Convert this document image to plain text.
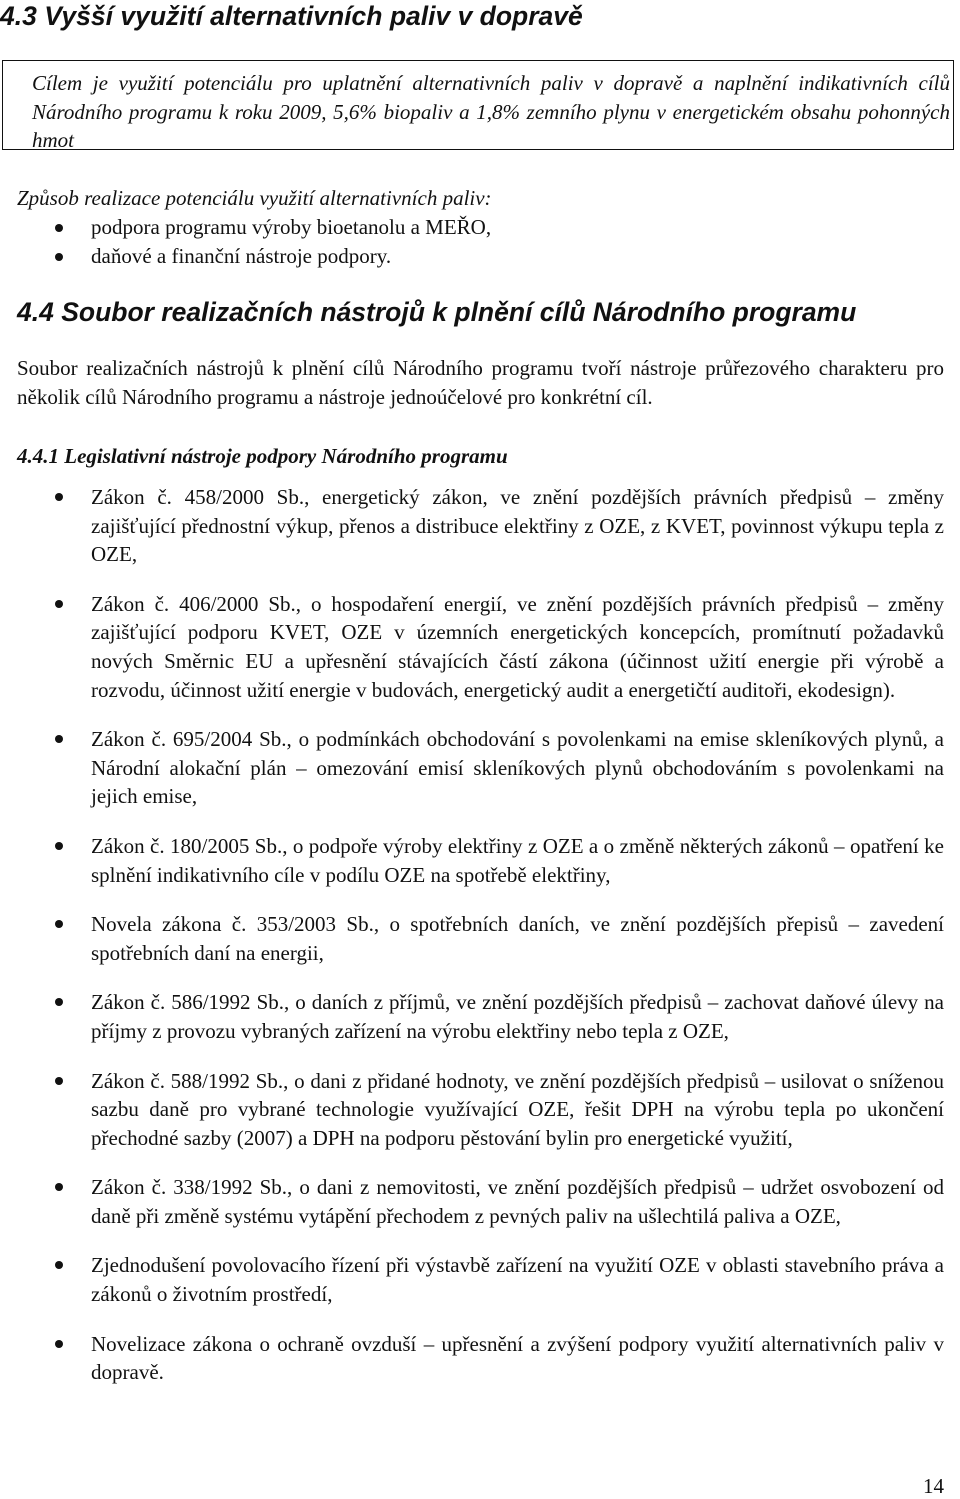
4.3 Vyšší využití alternativních paliv v dopravě

Cílem je využití potenciálu pro uplatnění alternativních paliv v dopravě a naplnění indikativních cílů Národního programu k roku 2009, 5,6% biopaliv a 1,8% zemního plynu v energetickém obsahu pohonných hmot

Způsob realizace potenciálu využití alternativních paliv:

podpora programu výroby bioetanolu a MEŘO,
daňové a finanční nástroje podpory.
4.4 Soubor realizačních nástrojů k plnění cílů Národního programu

Soubor realizačních nástrojů k plnění cílů Národního programu tvoří nástroje průřezového charakteru pro několik cílů Národního programu a nástroje jednoúčelové pro konkrétní cíl.

4.4.1 Legislativní nástroje podpory Národního programu
Zákon č. 458/2000 Sb., energetický zákon, ve znění pozdějších právních předpisů – změny zajišťující přednostní výkup, přenos a distribuce elektřiny z OZE, z KVET, povinnost výkupu tepla z OZE,
Zákon č. 406/2000 Sb., o hospodaření energií, ve znění pozdějších právních předpisů – změny zajišťující podporu KVET, OZE v územních energetických koncepcích, promítnutí požadavků nových Směrnic EU a upřesnění stávajících částí zákona (účinnost užití energie při výrobě a rozvodu, účinnost užití energie v budovách, energetický audit a energetičtí auditoři, ekodesign).
Zákon č. 695/2004 Sb., o podmínkách obchodování s povolenkami na emise skleníkových plynů, a Národní alokační plán – omezování emisí skleníkových plynů obchodováním s povolenkami na jejich emise,
Zákon č. 180/2005 Sb., o podpoře výroby elektřiny z OZE a o změně některých zákonů – opatření ke splnění indikativního cíle v podílu OZE na spotřebě elektřiny,
Novela zákona č. 353/2003 Sb., o spotřebních daních, ve znění pozdějších přepisů – zavedení spotřebních daní na energii,
Zákon č. 586/1992 Sb., o daních z příjmů, ve znění pozdějších předpisů – zachovat daňové úlevy na příjmy z provozu vybraných zařízení na výrobu elektřiny nebo tepla z OZE,
Zákon č. 588/1992 Sb., o dani z přidané hodnoty, ve znění pozdějších předpisů – usilovat o sníženou sazbu daně pro vybrané technologie využívající OZE, řešit DPH na výrobu tepla po ukončení přechodné sazby (2007) a DPH na podporu pěstování bylin pro energetické využití,
Zákon č. 338/1992 Sb., o dani z nemovitosti, ve znění pozdějších předpisů – udržet osvobození od daně při změně systému vytápění přechodem z pevných paliv na ušlechtilá paliva a OZE,
Zjednodušení povolovacího řízení při výstavbě zařízení na využití OZE v oblasti stavebního práva a zákonů o životním prostředí,
Novelizace zákona o ochraně ovzduší – upřesnění a zvýšení podpory využití alternativních paliv v dopravě.

14
